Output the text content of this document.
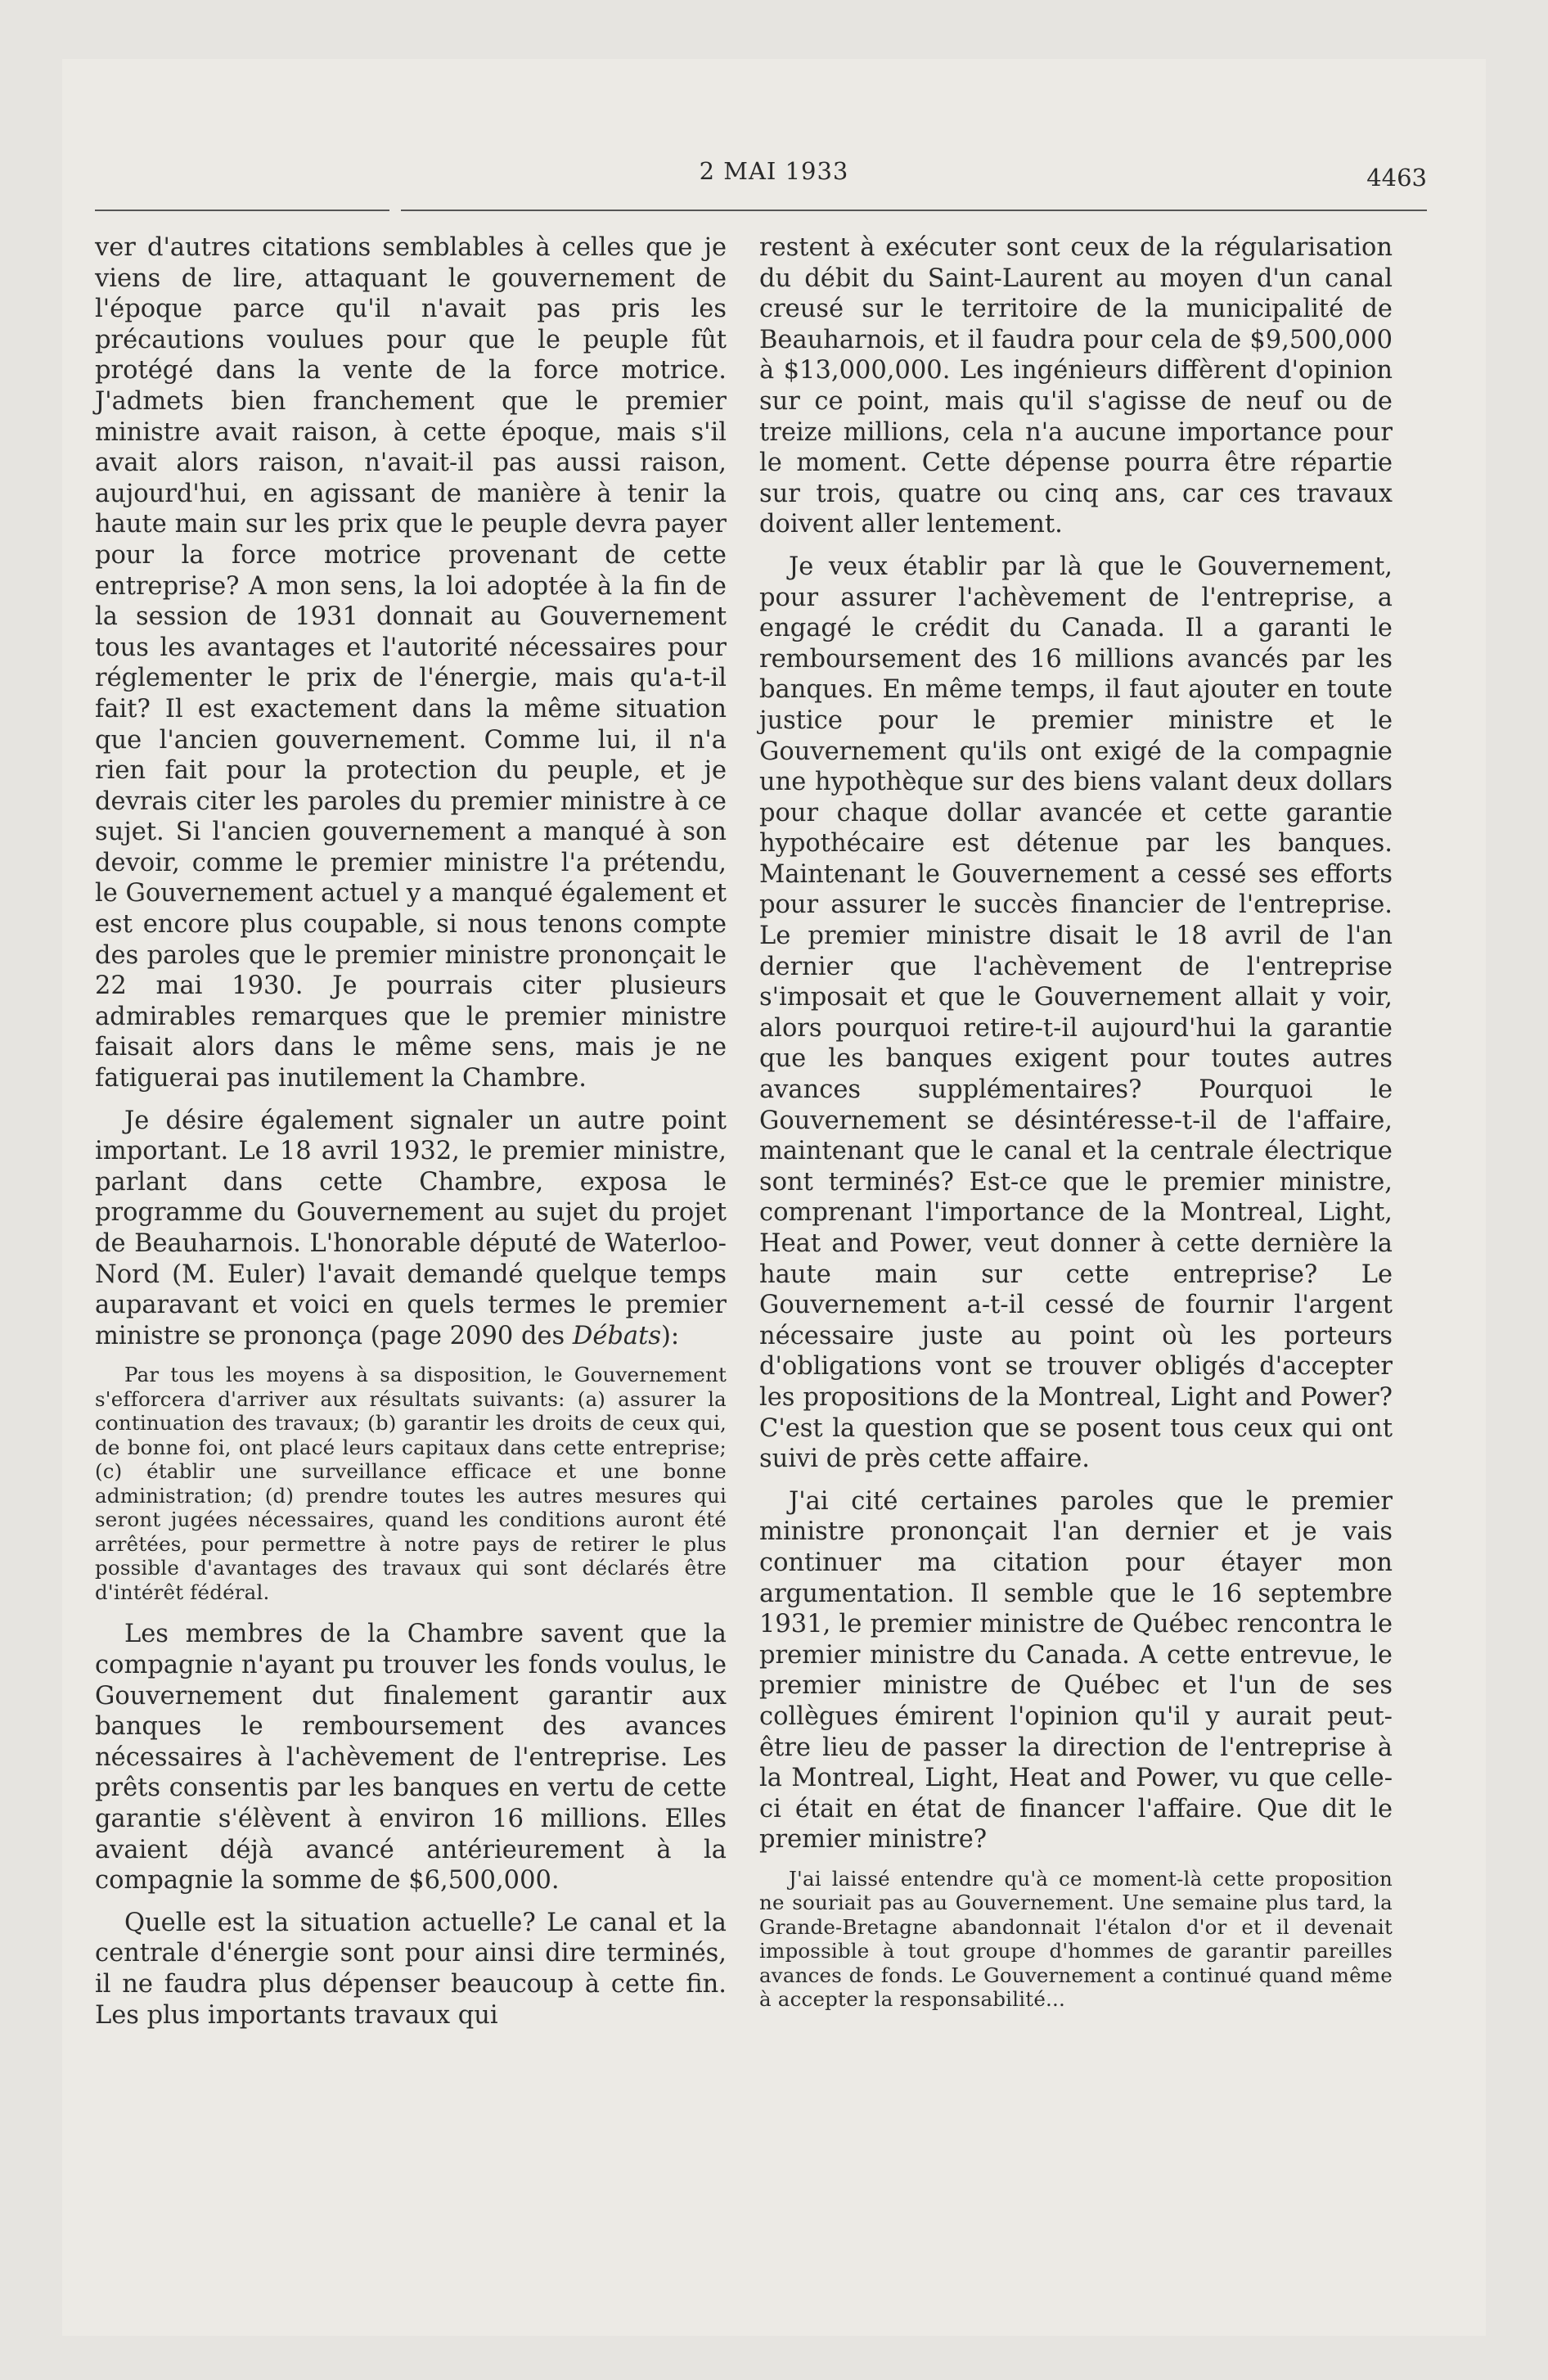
2 MAI 1933	4463

ver d'autres citations semblables à celles que je viens de lire, attaquant le gouvernement de l'époque parce qu'il n'avait pas pris les précautions voulues pour que le peuple fût protégé dans la vente de la force motrice. J'admets bien franchement que le premier ministre avait raison, à cette époque, mais s'il avait alors raison, n'avait-il pas aussi raison, aujourd'hui, en agissant de manière à tenir la haute main sur les prix que le peuple devra payer pour la force motrice provenant de cette entreprise? A mon sens, la loi adoptée à la fin de la session de 1931 donnait au Gouvernement tous les avantages et l'autorité nécessaires pour réglementer le prix de l'énergie, mais qu'a-t-il fait? Il est exactement dans la même situation que l'ancien gouvernement. Comme lui, il n'a rien fait pour la protection du peuple, et je devrais citer les paroles du premier ministre à ce sujet. Si l'ancien gouvernement a manqué à son devoir, comme le premier ministre l'a prétendu, le Gouvernement actuel y a manqué également et est encore plus coupable, si nous tenons compte des paroles que le premier ministre prononçait le 22 mai 1930. Je pourrais citer plusieurs admirables remarques que le premier ministre faisait alors dans le même sens, mais je ne fatiguerai pas inutilement la Chambre.

Je désire également signaler un autre point important. Le 18 avril 1932, le premier ministre, parlant dans cette Chambre, exposa le programme du Gouvernement au sujet du projet de Beauharnois. L'honorable député de Waterloo-Nord (M. Euler) l'avait demandé quelque temps auparavant et voici en quels termes le premier ministre se prononça (page 2090 des Débats):

Par tous les moyens à sa disposition, le Gouvernement s'efforcera d'arriver aux résultats suivants: (a) assurer la continuation des travaux; (b) garantir les droits de ceux qui, de bonne foi, ont placé leurs capitaux dans cette entreprise; (c) établir une surveillance efficace et une bonne administration; (d) prendre toutes les autres mesures qui seront jugées nécessaires, quand les conditions auront été arrêtées, pour permettre à notre pays de retirer le plus possible d'avantages des travaux qui sont déclarés être d'intérêt fédéral.

Les membres de la Chambre savent que la compagnie n'ayant pu trouver les fonds voulus, le Gouvernement dut finalement garantir aux banques le remboursement des avances nécessaires à l'achèvement de l'entreprise. Les prêts consentis par les banques en vertu de cette garantie s'élèvent à environ 16 millions. Elles avaient déjà avancé antérieurement à la compagnie la somme de $6,500,000.

Quelle est la situation actuelle? Le canal et la centrale d'énergie sont pour ainsi dire terminés, il ne faudra plus dépenser beaucoup à cette fin. Les plus importants travaux qui

restent à exécuter sont ceux de la régularisation du débit du Saint-Laurent au moyen d'un canal creusé sur le territoire de la municipalité de Beauharnois, et il faudra pour cela de $9,500,000 à $13,000,000. Les ingénieurs diffèrent d'opinion sur ce point, mais qu'il s'agisse de neuf ou de treize millions, cela n'a aucune importance pour le moment. Cette dépense pourra être répartie sur trois, quatre ou cinq ans, car ces travaux doivent aller lentement.

Je veux établir par là que le Gouvernement, pour assurer l'achèvement de l'entreprise, a engagé le crédit du Canada. Il a garanti le remboursement des 16 millions avancés par les banques. En même temps, il faut ajouter en toute justice pour le premier ministre et le Gouvernement qu'ils ont exigé de la compagnie une hypothèque sur des biens valant deux dollars pour chaque dollar avancée et cette garantie hypothécaire est détenue par les banques. Maintenant le Gouvernement a cessé ses efforts pour assurer le succès financier de l'entreprise. Le premier ministre disait le 18 avril de l'an dernier que l'achèvement de l'entreprise s'imposait et que le Gouvernement allait y voir, alors pourquoi retire-t-il aujourd'hui la garantie que les banques exigent pour toutes autres avances supplémentaires? Pourquoi le Gouvernement se désintéresse-t-il de l'affaire, maintenant que le canal et la centrale électrique sont terminés? Est-ce que le premier ministre, comprenant l'importance de la Montreal, Light, Heat and Power, veut donner à cette dernière la haute main sur cette entreprise? Le Gouvernement a-t-il cessé de fournir l'argent nécessaire juste au point où les porteurs d'obligations vont se trouver obligés d'accepter les propositions de la Montreal, Light and Power? C'est la question que se posent tous ceux qui ont suivi de près cette affaire.

J'ai cité certaines paroles que le premier ministre prononçait l'an dernier et je vais continuer ma citation pour étayer mon argumentation. Il semble que le 16 septembre 1931, le premier ministre de Québec rencontra le premier ministre du Canada. A cette entrevue, le premier ministre de Québec et l'un de ses collègues émirent l'opinion qu'il y aurait peut-être lieu de passer la direction de l'entreprise à la Montreal, Light, Heat and Power, vu que celle-ci était en état de financer l'affaire. Que dit le premier ministre?

J'ai laissé entendre qu'à ce moment-là cette proposition ne souriait pas au Gouvernement. Une semaine plus tard, la Grande-Bretagne abandonnait l'étalon d'or et il devenait impossible à tout groupe d'hommes de garantir pareilles avances de fonds. Le Gouvernement a continué quand même à accepter la responsabilité...
